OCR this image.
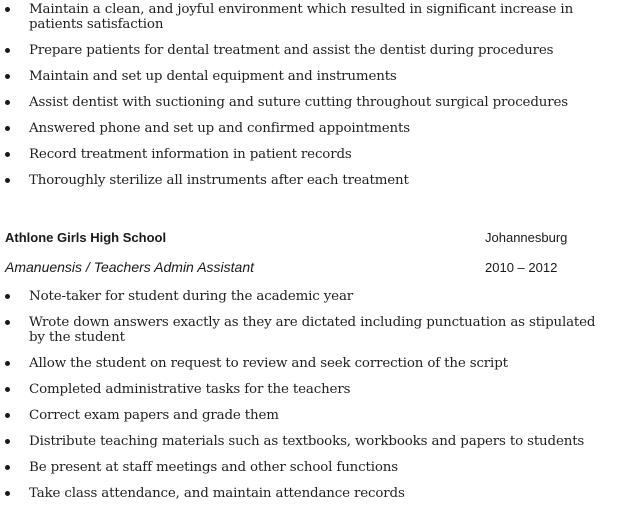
Maintain a clean, and joyful environment which resulted in significant increase in patients satisfaction
Prepare patients for dental treatment and assist the dentist during procedures
Maintain and set up dental equipment and instruments
Assist dentist with suctioning and suture cutting throughout surgical procedures
Answered phone and set up and confirmed appointments
Record treatment information in patient records
Thoroughly sterilize all instruments after each treatment
Athlone Girls High School	Johannesburg
Amanuensis / Teachers Admin Assistant	2010 – 2012
Note-taker for student during the academic year
Wrote down answers exactly as they are dictated including punctuation as stipulated by the student
Allow the student on request to review and seek correction of the script
Completed administrative tasks for the teachers
Correct exam papers and grade them
Distribute teaching materials such as textbooks, workbooks and papers to students
Be present at staff meetings and other school functions
Take class attendance, and maintain attendance records
